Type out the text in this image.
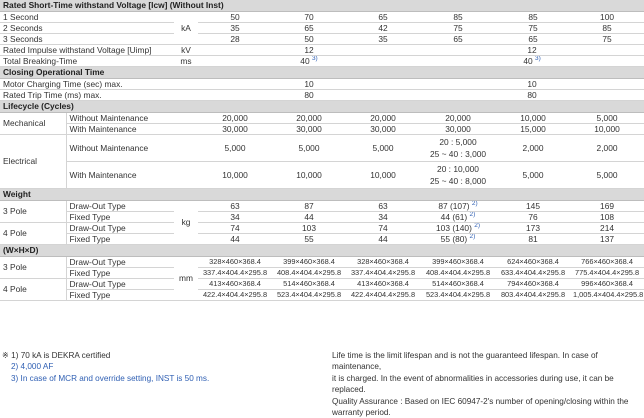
Rated Short-Time withstand Voltage [Icw] (Without Inst)								
1 Second		kA	50	70	65	85	85	100
2 Seconds			35	65	42	75	75	85
3 Seconds			28	50	35	65	65	75
Rated Impulse withstand Voltage [Uimp]		kV	12			12		
Total Breaking-Time		ms	40 $^{3)}$			40 $^{3)}$
Closing Operational Time								
Motor Charging Time (sec) max.			10			10		
Rated Trip Time (ms) max.			80			80		
Lifecycle (Cycles)								
Mechanical	Without Maintenance		20,000	20,000	20,000	20,000	10,000	5,000
	With Maintenance		30,000	30,000	30,000	30,000	15,000	10,000
Electrical	Without Maintenance		5,000	5,000	5,000	20 : 5,000
25 ~ 40 : 3,000	2,000	2,000
	With Maintenance		10,000	10,000	10,000	20 : 10,000
25 ~ 40 : 8,000	5,000	5,000
Weight								
3 Pole	Draw-Out Type	kg	63	87	63	87 (107) $^{2)}$	145	169
	Fixed Type		34	44	34	44 (61) $^{2)}$	76	108
4 Pole	Draw-Out Type		74	103	74	103 (140) $^{2)}$	173	214
	Fixed Type		44	55	44	55 (80) $^{2)}$	81	137
(W×H×D)								
3 Pole	Draw-Out Type	mm	328×460×368.4	399×460×368.4	328×460×368.4	399×460×368.4	624×460×368.4	766×460×368.4
	Fixed Type		337.4×404.4×295.8	408.4×404.4×295.8	337.4×404.4×295.8	408.4×404.4×295.8	633.4×404.4×295.8	775.4×404.4×295.8
4 Pole	Draw-Out Type		413×460×368.4	514×460×368.4	413×460×368.4	514×460×368.4	794×460×368.4	996×460×368.4
	Fixed Type		422.4×404.4×295.8	523.4×404.4×295.8	422.4×404.4×295.8	523.4×404.4×295.8	803.4×404.4×295.8	1,005.4×404.4×295.8
※ 1) 70 kA is DEKRA certified
2) 4,000 AF
3) In case of MCR and override setting, INST is 50 ms.
Life time is the limit lifespan and is not the guaranteed lifespan. In case of maintenance,
it is charged. In the event of abnormalities in accessories during use, it can be replaced.
Quality Assurance : Based on IEC 60947-2's number of opening/closing within the
warranty period.
